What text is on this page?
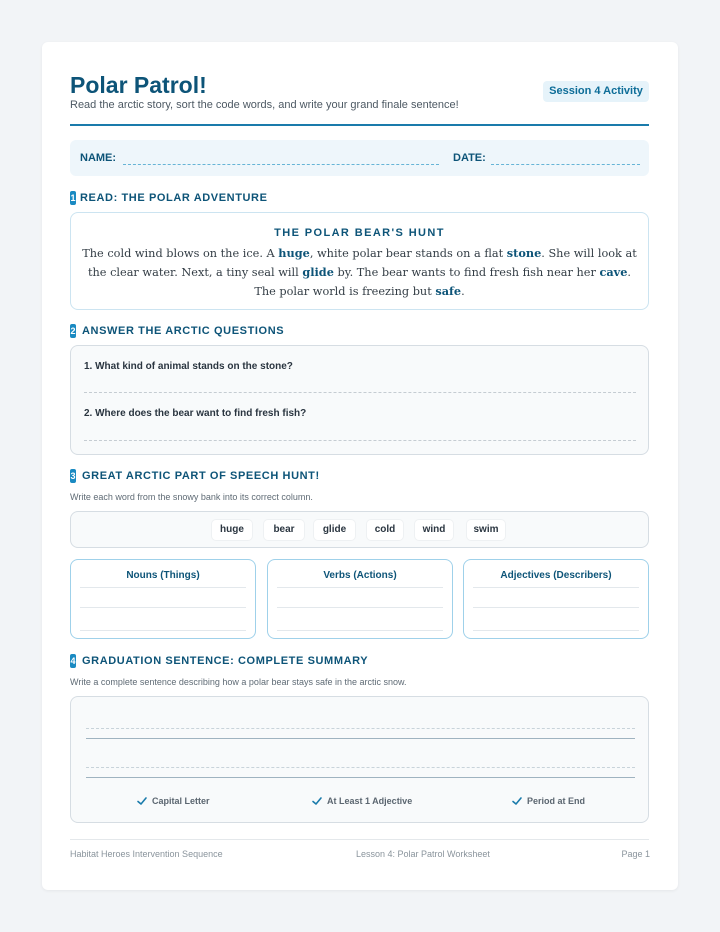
Polar Patrol!
Read the arctic story, sort the code words, and write your grand finale sentence!
Session 4 Activity
NAME:	DATE:
1 READ: THE POLAR ADVENTURE
THE POLAR BEAR'S HUNT
The cold wind blows on the ice. A huge, white polar bear stands on a flat stone. She will look at the clear water. Next, a tiny seal will glide by. The bear wants to find fresh fish near her cave. The polar world is freezing but safe.
2 ANSWER THE ARCTIC QUESTIONS
1. What kind of animal stands on the stone?
2. Where does the bear want to find fresh fish?
3 GREAT ARCTIC PART OF SPEECH HUNT!
Write each word from the snowy bank into its correct column.
huge	bear	glide	cold	wind	swim
Nouns (Things)	Verbs (Actions)	Adjectives (Describers)
4 GRADUATION SENTENCE: COMPLETE SUMMARY
Write a complete sentence describing how a polar bear stays safe in the arctic snow.
Capital Letter	At Least 1 Adjective	Period at End
Habitat Heroes Intervention Sequence	Lesson 4: Polar Patrol Worksheet	Page 1
